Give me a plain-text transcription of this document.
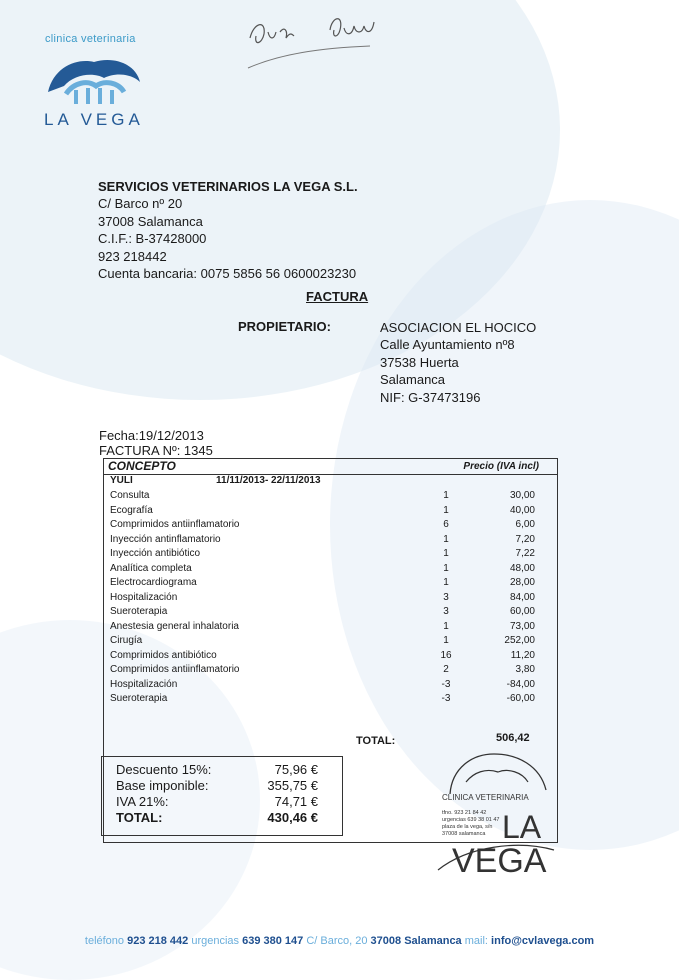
clinica veterinaria
LA VEGA
SERVICIOS VETERINARIOS LA VEGA S.L.
C/ Barco nº 20
37008 Salamanca
C.I.F.: B-37428000
923 218442
Cuenta bancaria: 0075 5856 56 0600023230
FACTURA
PROPIETARIO:	ASOCIACION EL HOCICO
Calle Ayuntamiento nº8
37538 Huerta
Salamanca
NIF: G-37473196
Fecha:19/12/2013
FACTURA Nº: 1345
CONCEPTO	Precio (IVA incl)
YULI	11/11/2013- 22/11/2013
Consulta	1	30,00
Ecografía	1	40,00
Comprimidos antiinflamatorio	6	6,00
Inyección antinflamatorio	1	7,20
Inyección antibiótico	1	7,22
Analítica completa	1	48,00
Electrocardiograma	1	28,00
Hospitalización	3	84,00
Sueroterapia	3	60,00
Anestesia general inhalatoria	1	73,00
Cirugía	1	252,00
Comprimidos antibiótico	16	11,20
Comprimidos antiinflamatorio	2	3,80
Hospitalización	-3	-84,00
Sueroterapia	-3	-60,00
TOTAL:	506,42
Descuento 15%:	75,96 €
Base imponible:	355,75 €
IVA 21%:	74,71 €
TOTAL:	430,46 €
CLINICA VETERINARIA
tfno. 923 21 84 42
urgencias 639 38 01 47
plaza de la vega, s/n
37008 salamanca LA
VEGA
teléfono 923 218 442 urgencias 639 380 147 C/ Barco, 20 37008 Salamanca mail: info@cvlavega.com
